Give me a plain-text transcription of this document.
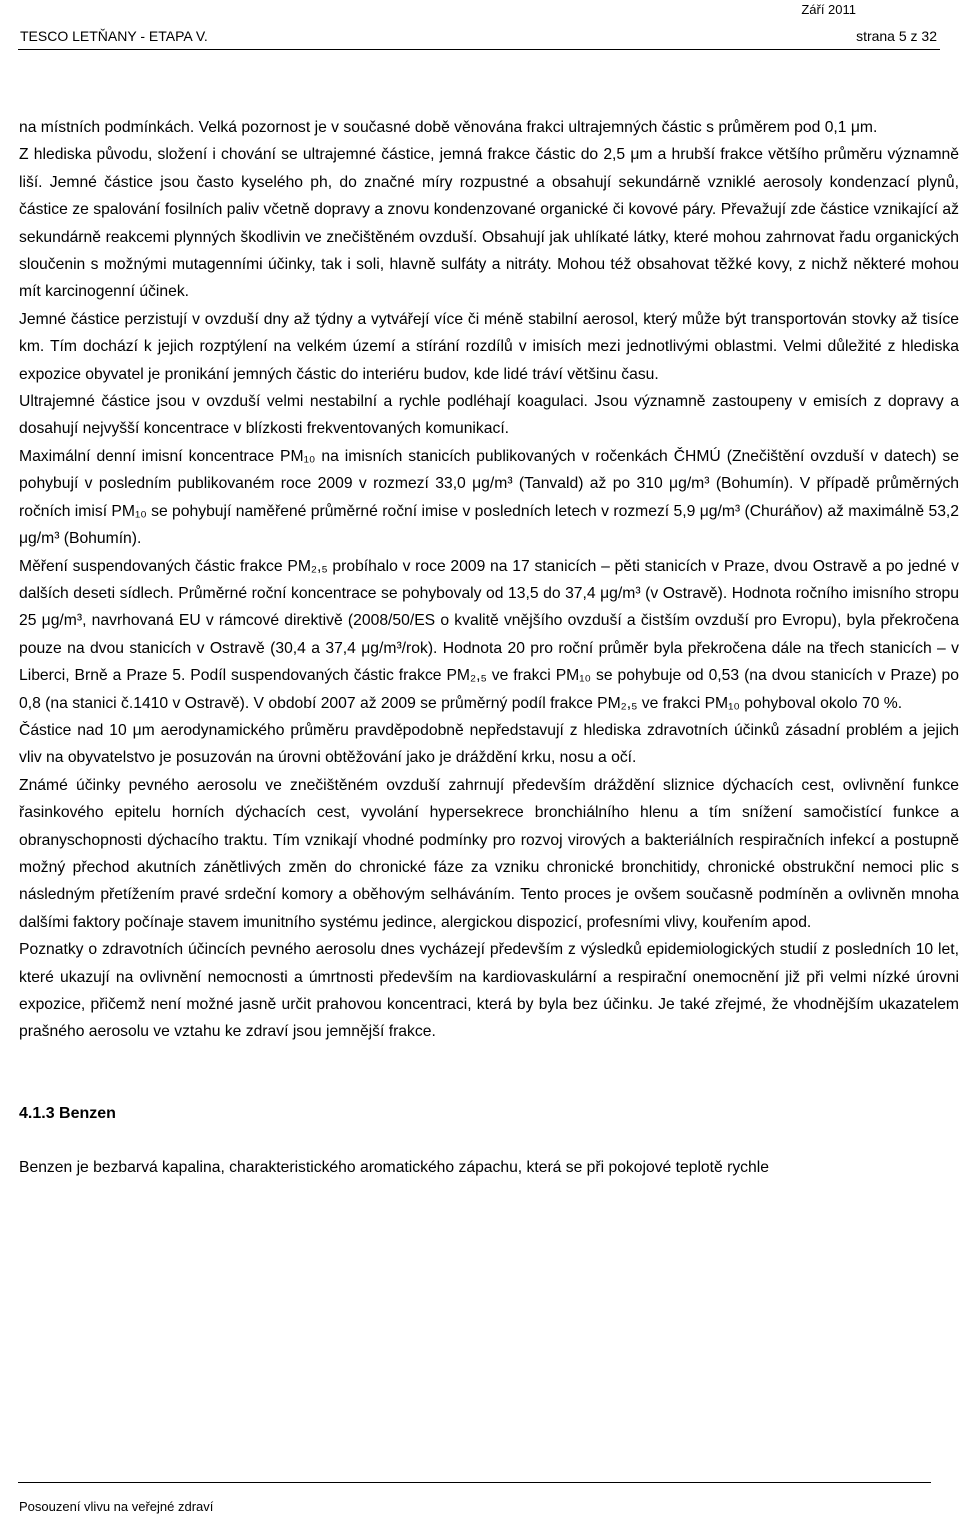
Září 2011
TESCO LETŇANY - ETAPA V.	strana 5 z 32

na místních podmínkách. Velká pozornost je v současné době věnována frakci ultrajemných částic s průměrem pod 0,1 μm.

Z hlediska původu, složení i chování se ultrajemné částice, jemná frakce částic do 2,5 μm a hrubší frakce většího průměru významně liší. Jemné částice jsou často kyselého ph, do značné míry rozpustné a obsahují sekundárně vzniklé aerosoly kondenzací plynů, částice ze spalování fosilních paliv včetně dopravy a znovu kondenzované organické či kovové páry. Převažují zde částice vznikající až sekundárně reakcemi plynných škodlivin ve znečištěném ovzduší. Obsahují jak uhlíkaté látky, které mohou zahrnovat řadu organických sloučenin s možnými mutagenními účinky, tak i soli, hlavně sulfáty a nitráty. Mohou též obsahovat těžké kovy, z nichž některé mohou mít karcinogenní účinek.

Jemné částice perzistují v ovzduší dny až týdny a vytvářejí více či méně stabilní aerosol, který může být transportován stovky až tisíce km. Tím dochází k jejich rozptýlení na velkém území a stírání rozdílů v imisích mezi jednotlivými oblastmi. Velmi důležité z hlediska expozice obyvatel je pronikání jemných částic do interiéru budov, kde lidé tráví většinu času.

Ultrajemné částice jsou v ovzduší velmi nestabilní a rychle podléhají koagulaci. Jsou významně zastoupeny v emisích z dopravy a dosahují nejvyšší koncentrace v blízkosti frekventovaných komunikací.

Maximální denní imisní koncentrace PM₁₀ na imisních stanicích publikovaných v ročenkách ČHMÚ (Znečištění ovzduší v datech) se pohybují v posledním publikovaném roce 2009 v rozmezí 33,0 μg/m³ (Tanvald) až po 310 μg/m³ (Bohumín). V případě průměrných ročních imisí PM₁₀ se pohybují naměřené průměrné roční imise v posledních letech v rozmezí 5,9 μg/m³ (Churáňov) až maximálně 53,2 μg/m³ (Bohumín).

Měření suspendovaných částic frakce PM₂,₅ probíhalo v roce 2009 na 17 stanicích – pěti stanicích v Praze, dvou Ostravě a po jedné v dalších deseti sídlech. Průměrné roční koncentrace se pohybovaly od 13,5 do 37,4 μg/m³ (v Ostravě). Hodnota ročního imisního stropu 25 μg/m³, navrhovaná EU v rámcové direktivě (2008/50/ES o kvalitě vnějšího ovzduší a čistším ovzduší pro Evropu), byla překročena pouze na dvou stanicích v Ostravě (30,4 a 37,4 μg/m³/rok). Hodnota 20 pro roční průměr byla překročena dále na třech stanicích – v Liberci, Brně a Praze 5. Podíl suspendovaných částic frakce PM₂,₅ ve frakci PM₁₀ se pohybuje od 0,53 (na dvou stanicích v Praze) po 0,8 (na stanici č.1410 v Ostravě). V období 2007 až 2009 se průměrný podíl frakce PM₂,₅ ve frakci PM₁₀ pohyboval okolo 70 %.

Částice nad 10 μm aerodynamického průměru pravděpodobně nepředstavují z hlediska zdravotních účinků zásadní problém a jejich vliv na obyvatelstvo je posuzován na úrovni obtěžování jako je dráždění krku, nosu a očí.

Známé účinky pevného aerosolu ve znečištěném ovzduší zahrnují především dráždění sliznice dýchacích cest, ovlivnění funkce řasinkového epitelu horních dýchacích cest, vyvolání hypersekrece bronchiálního hlenu a tím snížení samočistící funkce a obranyschopnosti dýchacího traktu. Tím vznikají vhodné podmínky pro rozvoj virových a bakteriálních respiračních infekcí a postupně možný přechod akutních zánětlivých změn do chronické fáze za vzniku chronické bronchitidy, chronické obstrukční nemoci plic s následným přetížením pravé srdeční komory a oběhovým selháváním. Tento proces je ovšem současně podmíněn a ovlivněn mnoha dalšími faktory počínaje stavem imunitního systému jedince, alergickou dispozicí, profesními vlivy, kouřením apod.

Poznatky o zdravotních účincích pevného aerosolu dnes vycházejí především z výsledků epidemiologických studií z posledních 10 let, které ukazují na ovlivnění nemocnosti a úmrtnosti především na kardiovaskulární a respirační onemocnění již při velmi nízké úrovni expozice, přičemž není možné jasně určit prahovou koncentraci, která by byla bez účinku. Je také zřejmé, že vhodnějším ukazatelem prašného aerosolu ve vztahu ke zdraví jsou jemnější frakce.

4.1.3 Benzen

Benzen je bezbarvá kapalina, charakteristického aromatického zápachu, která se při pokojové teplotě rychle

Posouzení vlivu na veřejné zdraví
